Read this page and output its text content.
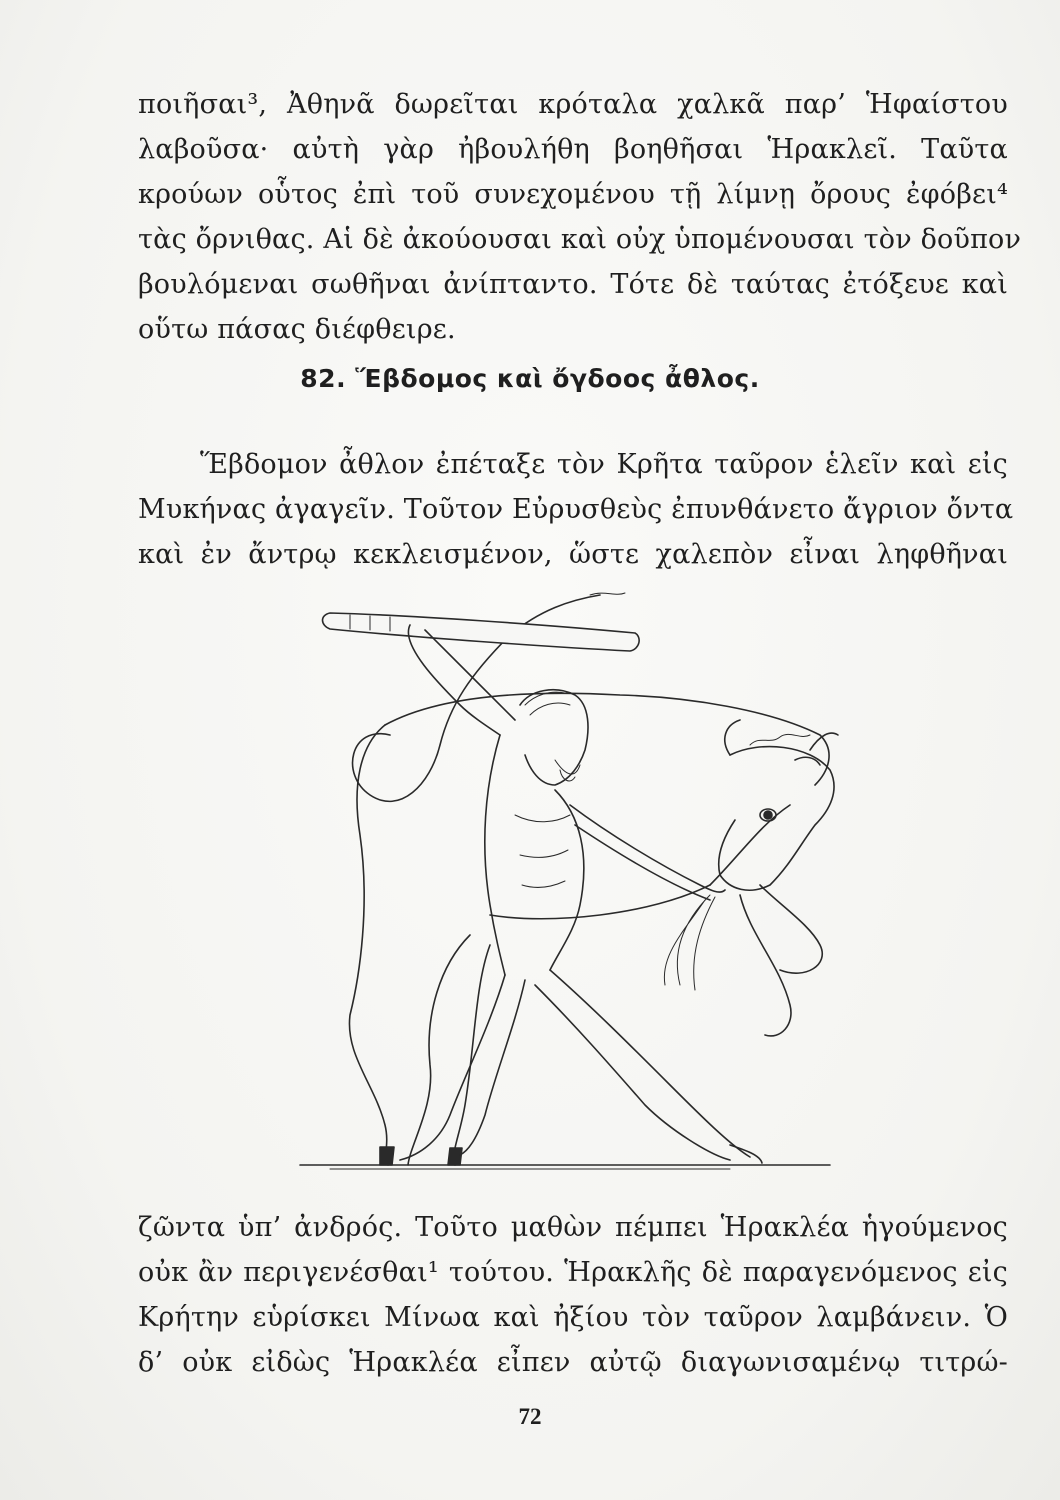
ποιῆσαι³, Ἀθηνᾶ δωρεῖται κρόταλα χαλκᾶ παρ’ Ἡφαίστου
λαβοῦσα· αὐτὴ γὰρ ἠβουλήθη βοηθῆσαι Ἡρακλεῖ. Ταῦτα
κρούων οὗτος ἐπὶ τοῦ συνεχομένου τῇ λίμνῃ ὄρους ἐφόβει⁴
τὰς ὄρνιθας. Αἱ δὲ ἀκούουσαι καὶ οὐχ ὑπομένουσαι τὸν δοῦπον
βουλόμεναι σωθῆναι ἀνίπταντο. Τότε δὲ ταύτας ἐτόξευε καὶ
οὕτω πάσας διέφθειρε.
82. Ἕβδομος καὶ ὄγδοος ἆθλος.
Ἕβδομον ἆθλον ἐπέταξε τὸν Κρῆτα ταῦρον ἑλεῖν καὶ εἰς
Μυκήνας ἀγαγεῖν. Τοῦτον Εὐρυσθεὺς ἐπυνθάνετο ἄγριον ὄντα
καὶ ἐν ἄντρῳ κεκλεισμένον, ὥστε χαλεπὸν εἶναι ληφθῆναι
ζῶντα ὑπ’ ἀνδρός. Τοῦτο μαθὼν πέμπει Ἡρακλέα ἡγούμενος
οὐκ ἂν περιγενέσθαι¹ τούτου. Ἡρακλῆς δὲ παραγενόμενος εἰς
Κρήτην εὑρίσκει Μίνωα καὶ ἠξίου τὸν ταῦρον λαμβάνειν. Ὁ
δ’ οὐκ εἰδὼς Ἡρακλέα εἶπεν αὐτῷ διαγωνισαμένῳ τιτρώ-
72
